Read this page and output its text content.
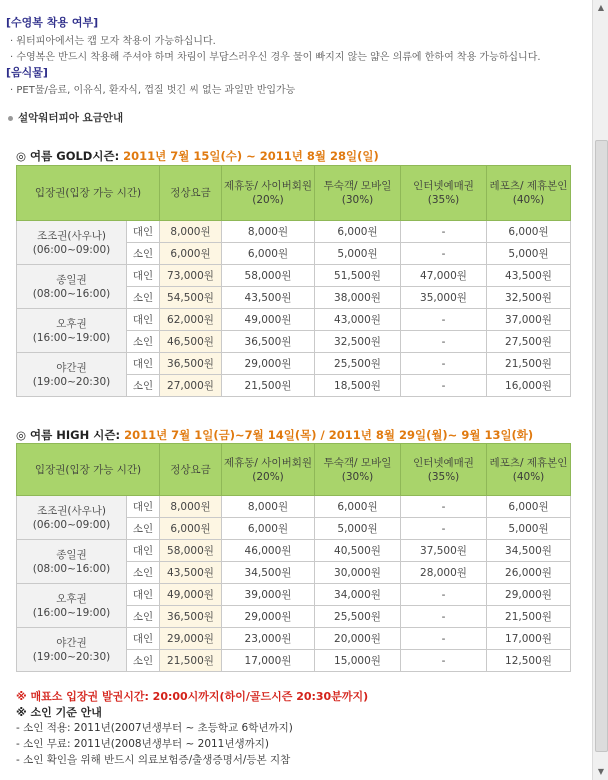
[수영복 착용 여부]
· 워터피아에서는 캡 모자 착용이 가능하십니다.
· 수영복은 반드시 착용해 주셔야 하며 차림이 부담스러우신 경우 물이 빠지지 않는 얇은 의류에 한하여 착용 가능하십니다.
[음식물]
· PET물/음료, 이유식, 환자식, 껍질 벗긴 씨 없는 과일만 반입가능
설악워터피아 요금안내
◎ 여름 GOLD시즌: 2011년 7월 15일(수) ~ 2011년 8월 28일(일)
입장권(입장 가능 시간)		정상요금	제휴동/ 사이버회원 (20%)	투숙객/ 모바일(30%)	인터넷예매권 (35%)	레포츠/ 제휴본인 (40%)

조조권(사우나)
(06:00~09:00)	대인	8,000원	8,000원	6,000원	-	6,000원
	소인	6,000원	6,000원	5,000원	-	5,000원

종일권
(08:00~16:00)	대인	73,000원	58,000원	51,500원	47,000원	43,500원
	소인	54,500원	43,500원	38,000원	35,000원	32,500원

오후권
(16:00~19:00)	대인	62,000원	49,000원	43,000원	-	37,000원
	소인	46,500원	36,500원	32,500원	-	27,500원

야간권
(19:00~20:30)	대인	36,500원	29,000원	25,500원	-	21,500원
	소인	27,000원	21,500원	18,500원	-	16,000원
◎ 여름 HIGH 시즌: 2011년 7월 1일(금)~7월 14일(목) / 2011년 8월 29일(월)~ 9월 13일(화)
입장권(입장 가능 시간)		정상요금	제휴동/ 사이버회원 (20%)	투숙객/ 모바일(30%)	인터넷예매권 (35%)	레포츠/ 제휴본인 (40%)

조조권(사우나)
(06:00~09:00)	대인	8,000원	8,000원	6,000원	-	6,000원
	소인	6,000원	6,000원	5,000원	-	5,000원

종일권
(08:00~16:00)	대인	58,000원	46,000원	40,500원	37,500원	34,500원
	소인	43,500원	34,500원	30,000원	28,000원	26,000원

오후권
(16:00~19:00)	대인	49,000원	39,000원	34,000원	-	29,000원
	소인	36,500원	29,000원	25,500원	-	21,500원

야간권
(19:00~20:30)	대인	29,000원	23,000원	20,000원	-	17,000원
	소인	21,500원	17,000원	15,000원	-	12,500원
※ 매표소 입장권 발권시간: 20:00시까지(하이/골드시즌 20:30분까지)
※ 소인 기준 안내
- 소인 적용: 2011년(2007년생부터 ~ 초등학교 6학년까지)
- 소인 무료: 2011년(2008년생부터 ~ 2011년생까지)
- 소인 확인을 위해 반드시 의료보험증/출생증명서/등본 지참
▲
▼
